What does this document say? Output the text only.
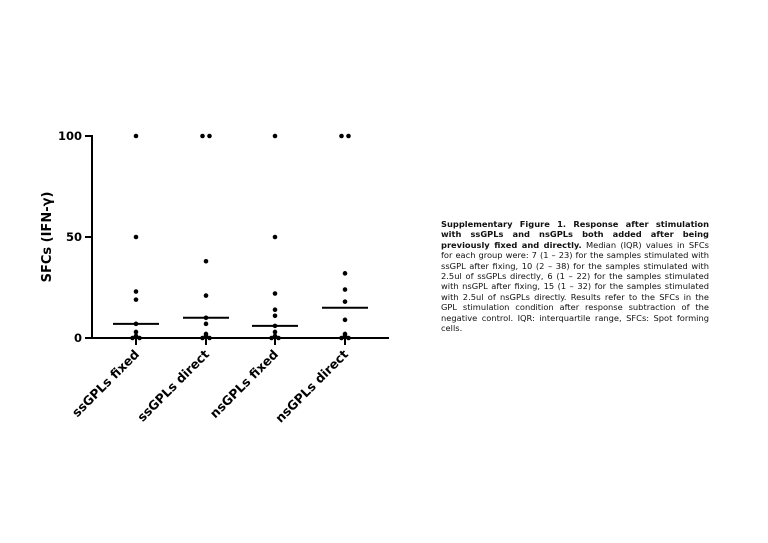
0
50
100
SFCs (IFN-γ)
ssGPLs fixed
ssGPLs direct
nsGPLs fixed
nsGPLs direct
Supplementary Figure 1. Response after stimulation with ssGPLs and nsGPLs both added after being previously fixed and directly. Median (IQR) values in SFCs for each group were: 7 (1 – 23) for the samples stimulated with ssGPL after fixing, 10 (2 – 38) for the samples stimulated with 2.5ul of ssGPLs directly, 6 (1 – 22) for the samples stimulated with nsGPL after fixing, 15 (1 – 32) for the samples stimulated with 2.5ul of nsGPLs directly. Results refer to the SFCs in the GPL stimulation condition after response subtraction of the negative control. IQR: interquartile range, SFCs: Spot forming cells.
